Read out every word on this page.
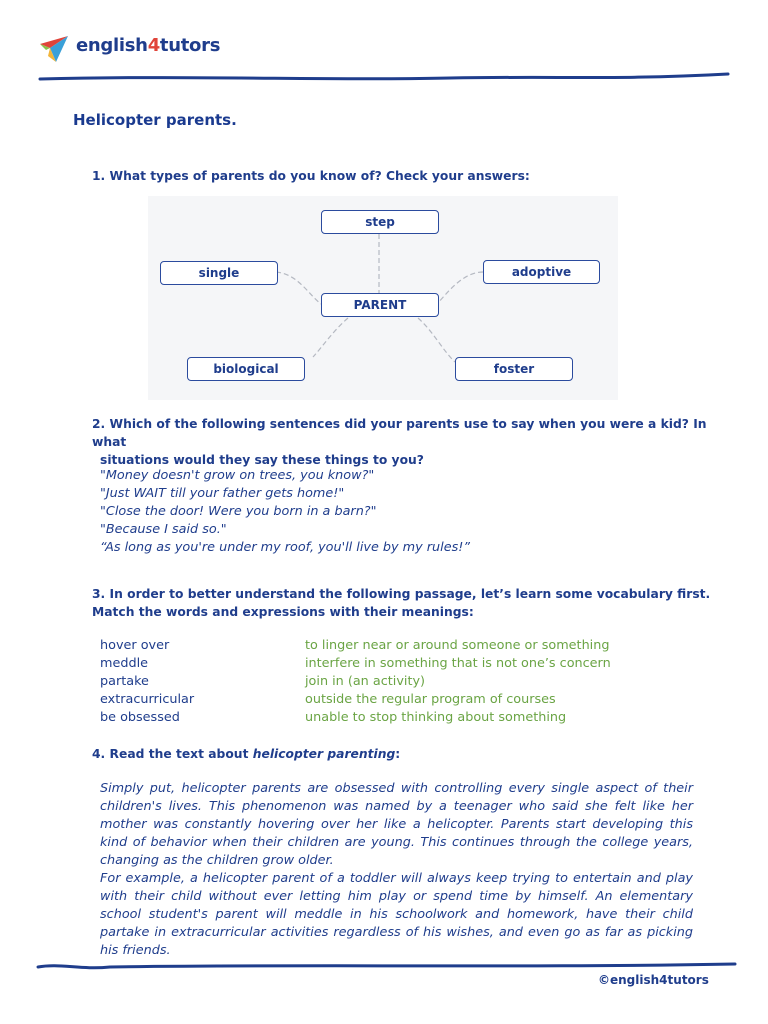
english4tutors
Helicopter parents.
1. What types of parents do you know of? Check your answers:
step
single	adoptive
PARENT
biological	foster
2. Which of the following sentences did your parents use to say when you were a kid? In what
situations would they say these things to you?
"Money doesn't grow on trees, you know?"
"Just WAIT till your father gets home!"
"Close the door! Were you born in a barn?"
"Because I said so."
“As long as you're under my roof, you'll live by my rules!”
3. In order to better understand the following passage, let’s learn some vocabulary first.
Match the words and expressions with their meanings:
hover over	to linger near or around someone or something
meddle	interfere in something that is not one’s concern
partake	join in (an activity)
extracurricular	outside the regular program of courses
be obsessed	unable to stop thinking about something
4. Read the text about helicopter parenting:

Simply put, helicopter parents are obsessed with controlling every single aspect of their children's lives. This phenomenon was named by a teenager who said she felt like her mother was constantly hovering over her like a helicopter. Parents start developing this kind of behavior when their children are young. This continues through the college years, changing as the children grow older.

For example, a helicopter parent of a toddler will always keep trying to entertain and play with their child without ever letting him play or spend time by himself. An elementary school student's parent will meddle in his schoolwork and homework, have their child partake in extracurricular activities regardless of his wishes, and even go as far as picking his friends.

©english4tutors
